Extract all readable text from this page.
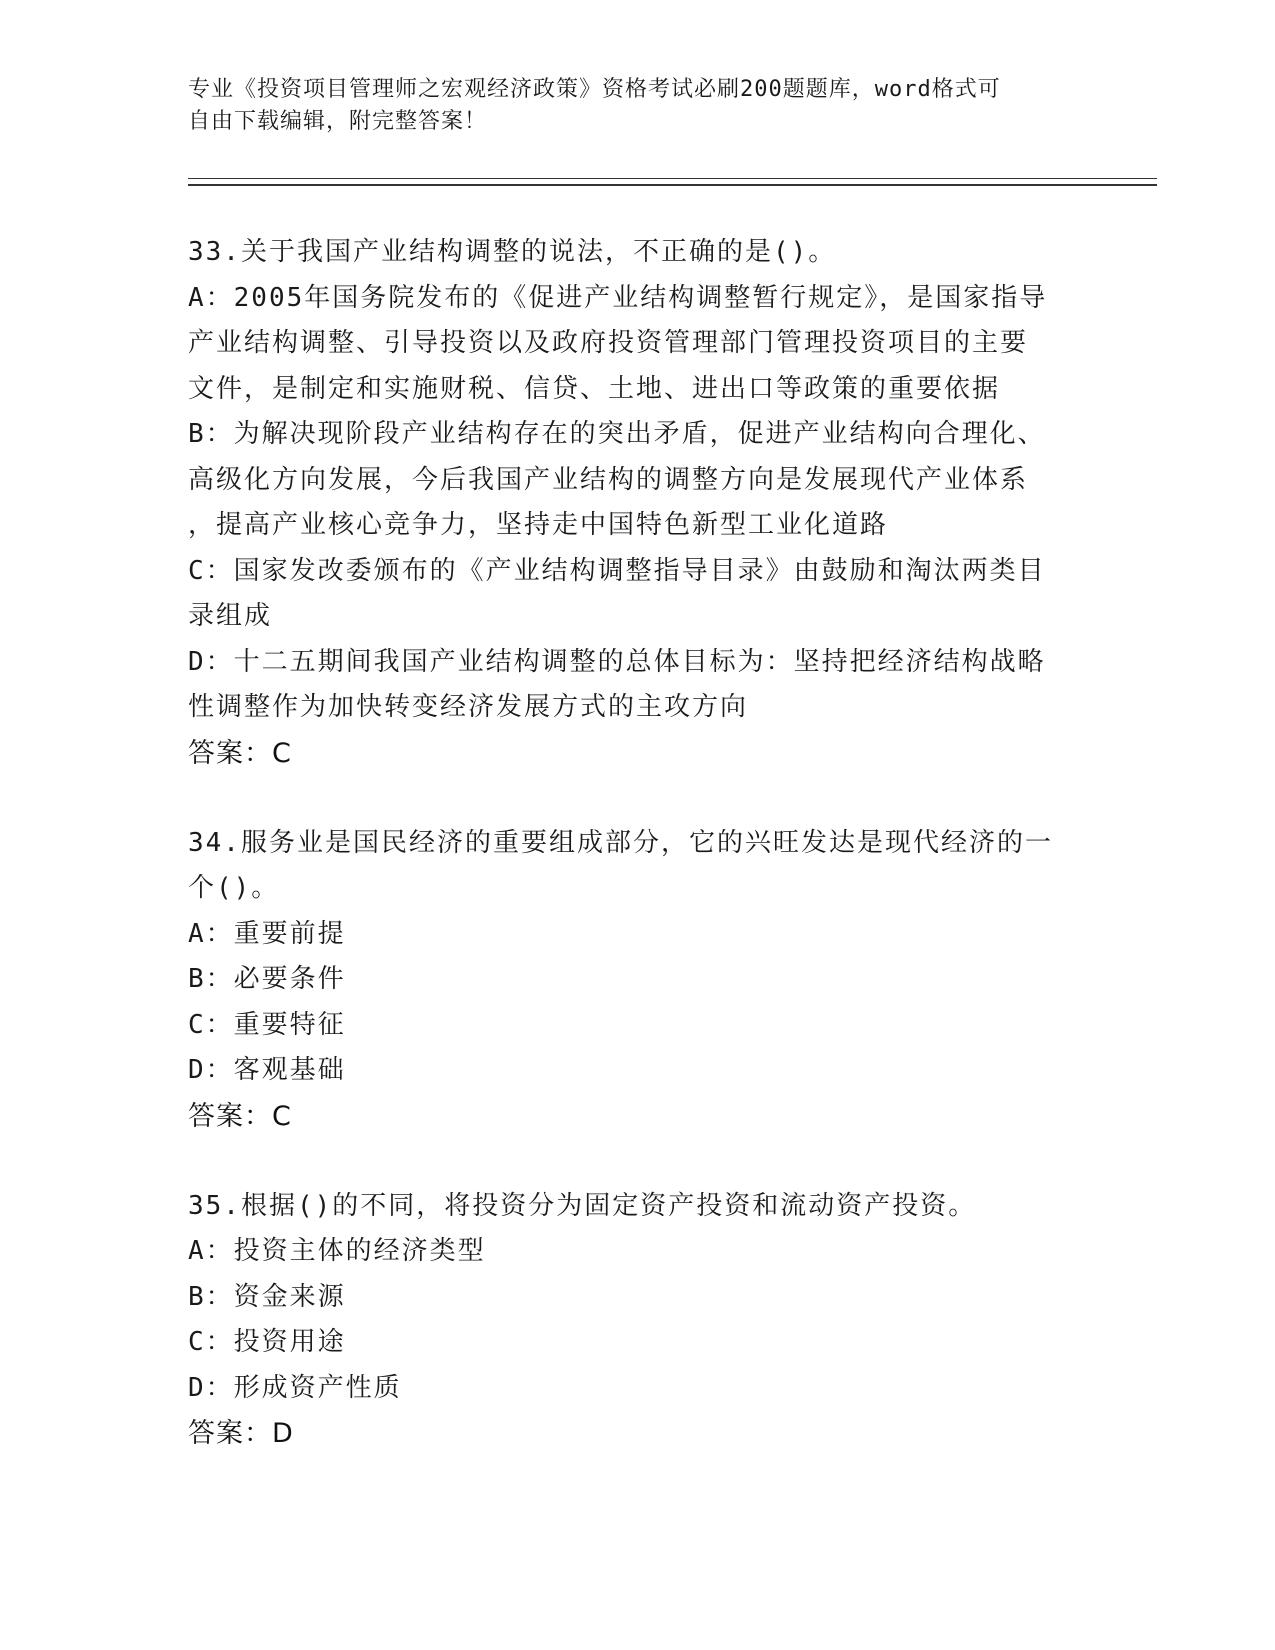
专业《投资项目管理师之宏观经济政策》资格考试必刷200题题库，word格式可
自由下载编辑，附完整答案！
33.关于我国产业结构调整的说法，不正确的是()。
A：2005年国务院发布的《促进产业结构调整暂行规定》，是国家指导
产业结构调整、引导投资以及政府投资管理部门管理投资项目的主要
文件，是制定和实施财税、信贷、土地、进出口等政策的重要依据
B：为解决现阶段产业结构存在的突出矛盾，促进产业结构向合理化、
高级化方向发展，今后我国产业结构的调整方向是发展现代产业体系
，提高产业核心竞争力，坚持走中国特色新型工业化道路
C：国家发改委颁布的《产业结构调整指导目录》由鼓励和淘汰两类目
录组成
D：十二五期间我国产业结构调整的总体目标为：坚持把经济结构战略
性调整作为加快转变经济发展方式的主攻方向
答案：C
34.服务业是国民经济的重要组成部分，它的兴旺发达是现代经济的一
个()。
A：重要前提
B：必要条件
C：重要特征
D：客观基础
答案：C
35.根据()的不同，将投资分为固定资产投资和流动资产投资。
A：投资主体的经济类型
B：资金来源
C：投资用途
D：形成资产性质
答案：D
